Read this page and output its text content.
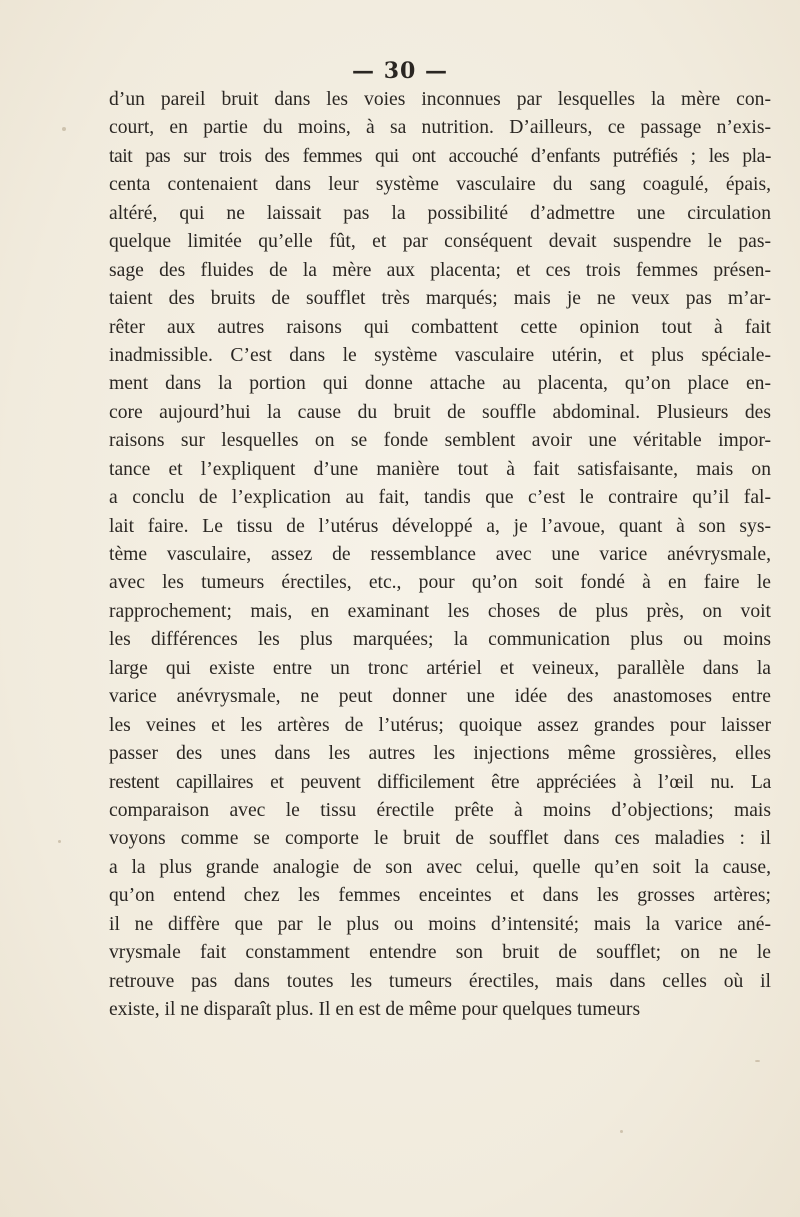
— 30 —
d’un pareil bruit dans les voies inconnues par lesquelles la mère con-
court, en partie du moins, à sa nutrition. D’ailleurs, ce passage n’exis-
tait pas sur trois des femmes qui ont accouché d’enfants putréfiés ; les pla-
centa contenaient dans leur système vasculaire du sang coagulé, épais,
altéré, qui ne laissait pas la possibilité d’admettre une circulation
quelque limitée qu’elle fût, et par conséquent devait suspendre le pas-
sage des fluides de la mère aux placenta; et ces trois femmes présen-
taient des bruits de soufflet très marqués; mais je ne veux pas m’ar-
rêter aux autres raisons qui combattent cette opinion tout à fait
inadmissible. C’est dans le système vasculaire utérin, et plus spéciale-
ment dans la portion qui donne attache au placenta, qu’on place en-
core aujourd’hui la cause du bruit de souffle abdominal. Plusieurs des
raisons sur lesquelles on se fonde semblent avoir une véritable impor-
tance et l’expliquent d’une manière tout à fait satisfaisante, mais on
a conclu de l’explication au fait, tandis que c’est le contraire qu’il fal-
lait faire. Le tissu de l’utérus développé a, je l’avoue, quant à son sys-
tème vasculaire, assez de ressemblance avec une varice anévrysmale,
avec les tumeurs érectiles, etc., pour qu’on soit fondé à en faire le
rapprochement; mais, en examinant les choses de plus près, on voit
les différences les plus marquées; la communication plus ou moins
large qui existe entre un tronc artériel et veineux, parallèle dans la
varice anévrysmale, ne peut donner une idée des anastomoses entre
les veines et les artères de l’utérus; quoique assez grandes pour laisser
passer des unes dans les autres les injections même grossières, elles
restent capillaires et peuvent difficilement être appréciées à l’œil nu. La
comparaison avec le tissu érectile prête à moins d’objections; mais
voyons comme se comporte le bruit de soufflet dans ces maladies : il
a la plus grande analogie de son avec celui, quelle qu’en soit la cause,
qu’on entend chez les femmes enceintes et dans les grosses artères;
il ne diffère que par le plus ou moins d’intensité; mais la varice ané-
vrysmale fait constamment entendre son bruit de soufflet; on ne le
retrouve pas dans toutes les tumeurs érectiles, mais dans celles où il
existe, il ne disparaît plus. Il en est de même pour quelques tumeurs
